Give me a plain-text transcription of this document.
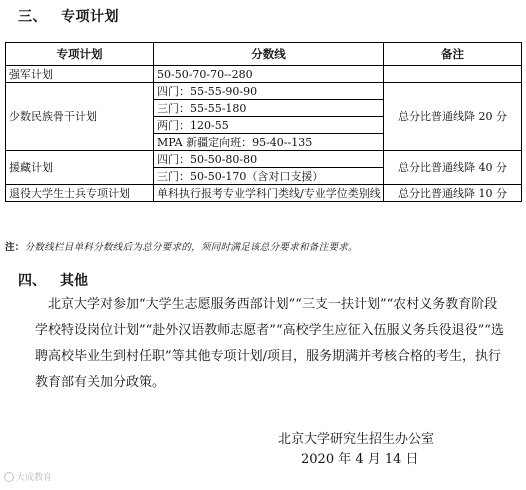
三、 专项计划
专项计划	分数线	备注
强军计划	50-50-70-70--280	
少数民族骨干计划	四门：55-55-90-90	总分比普通线降 20 分
	三门：55-55-180	
	两门：120-55	
	MPA 新疆定向班：95-40--135	
援藏计划	四门：50-50-80-80	总分比普通线降 40 分
	三门：50-50-170（含对口支援）	
退役大学生士兵专项计划	单科执行报考专业学科门类线/专业学位类别线	总分比普通线降 10 分
注：分数线栏目单科分数线后为总分要求的，须同时满足该总分要求和备注要求。
四、 其他
北京大学对参加“大学生志愿服务西部计划”“三支一扶计划”“农村义务教育阶段学校特设岗位计划”“赴外汉语教师志愿者”“高校学生应征入伍服义务兵役退役”“选聘高校毕业生到村任职”等其他专项计划/项目，服务期满并考核合格的考生，执行教育部有关加分政策。
北京大学研究生招生办公室
2020 年 4 月 14 日
大成教育
